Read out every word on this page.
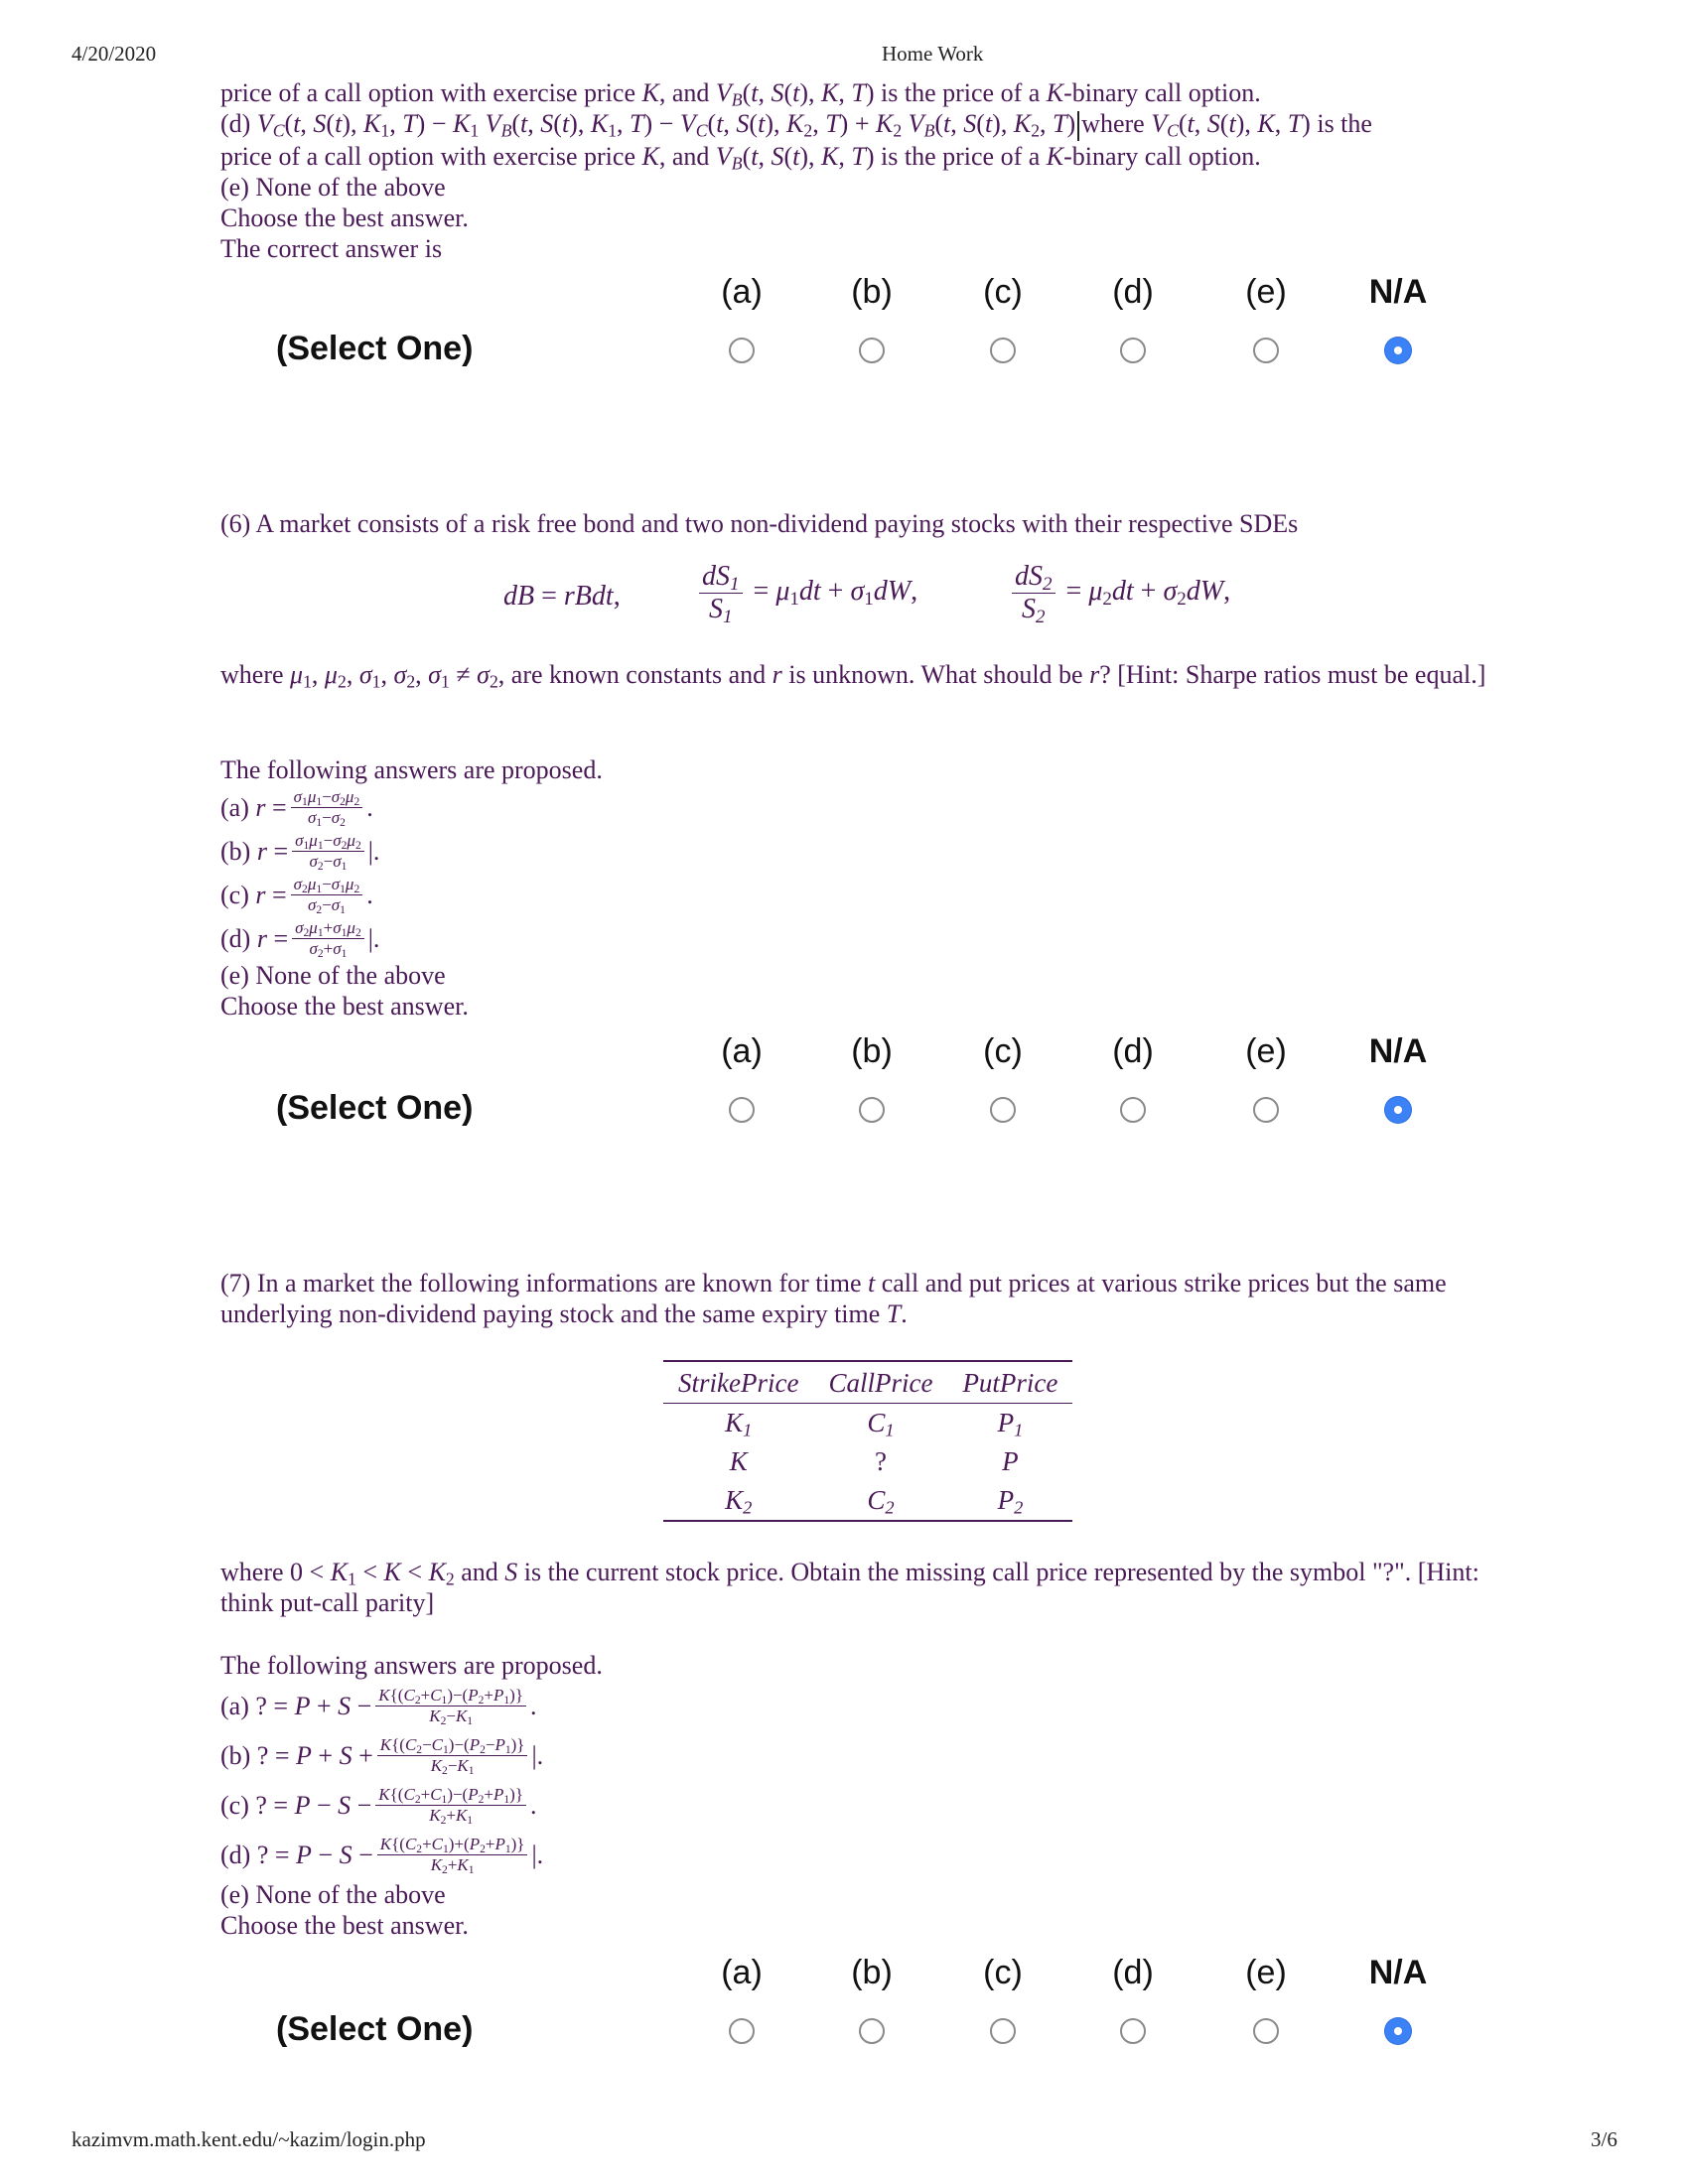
4/20/2020	Home Work
kazimvm.math.kent.edu/~kazim/login.php	3/6
price of a call option with exercise price K, and $V_B(t$, S(t), K, T) is the price of a K-binary call option.
(d) $V_C(t$, S(t), $K_1$, $T) - K_1$ $V_B(t$, S(t), $K_1$, $T) - V_C(t$, S(t), $K_2$, $T) + K_2$ $V_B(t$, S(t), $K_2$, T) where $V_C(t$, S(t), K, T) is the
price of a call option with exercise price K, and $V_B(t$, S(t), K, T) is the price of a K-binary call option.
(e) None of the above
Choose the best answer.
The correct answer is
(a)	(b)	(c)	(d)	(e) N/A
(Select One)
(6) A market consists of a risk free bond and two non-dividend paying stocks with their respective SDEs
dB = rBdt,	$\frac{dS_1}{S_1} = \mu_1dt + \sigma_1dW$,	$\frac{dS_2}{S_2} = \mu_2dt + \sigma_2dW$,
where $\mu_1$, $\mu_2$, $\sigma_1$, $\sigma_2$, $\sigma_1 \ne \sigma_2$, are known constants and r is unknown. What should be r? [Hint: Sharpe ratios must be equal.]
The following answers are proposed.
(a)
$r = \frac{\sigma_1\mu_1-\sigma_2\mu_2}{\sigma_1-\sigma_2}$ .
(b)
$r = \frac{\sigma_1\mu_1-\sigma_2\mu_2}{\sigma_2-\sigma_1}$ |.
(c)
$r = \frac{\sigma_2\mu_1-\sigma_1\mu_2}{\sigma_2-\sigma_1}$ .
(d)
$r = \frac{\sigma_2\mu_1+\sigma_1\mu_2}{\sigma_2+\sigma_1}$ |.
(e) None of the above
Choose the best answer.
(a)	(b)	(c)	(d)	(e) N/A
(Select One)
(7) In a market the following informations are known for time t call and put prices at various strike prices but the same underlying non-dividend paying stock and the same expiry time T.
StrikePrice	CallPrice	PutPrice
$K_1$	$C_1$	$P_1$
K	?	P
$K_2$	$C_2$	$P_2$
where $0 < K_1 < K < K_2$ and S is the current stock price. Obtain the missing call price represented by the symbol "?". [Hint: think put-call parity]
The following answers are proposed.
(a) ? =
$P + S - \frac{K\{(C_2+C_1)-(P_2+P_1)\}}{K_2-K_1}$ .
(b) ? =
$P + S + \frac{K\{(C_2-C_1)-(P_2-P_1)\}}{K_2-K_1}$ |.
(c) ? =
$P - S - \frac{K\{(C_2+C_1)-(P_2+P_1)\}}{K_2+K_1}$ .
(d) ? =
$P - S - \frac{K\{(C_2+C_1)+(P_2+P_1)\}}{K_2+K_1}$ |.
(e) None of the above
Choose the best answer.
(a)	(b)	(c)	(d)	(e) N/A
(Select One)
